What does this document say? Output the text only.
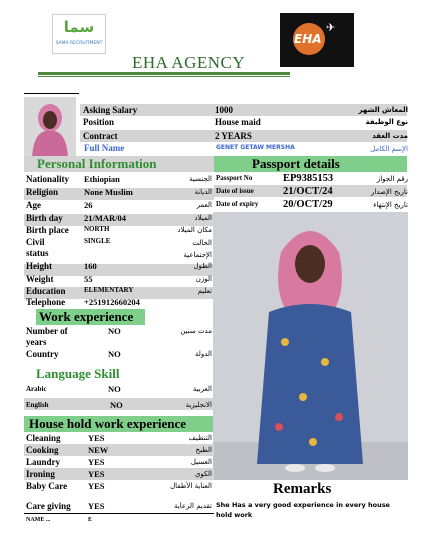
سما
SAMA RECRUITMENT
EHA AGENCY
EHA
✈
Asking Salary	1000	المعاش الشهر
Position	House maid	نوع الوظيفة
Contract	2 YEARS	مدت العقد
Full Name	GENET GETAW MERSHA	الإسم الكامل
Personal Information	Passport details
Nationality Ethiopian	الجنسية
Religion	None Muslim	الديانة
Age	26	العمر
Birth day 21/MAR/04	الميلاد
Birth place NORTH	مكان الميلاد
Civil status
SINGLE	الحالت الإجتماعية
Height	160	الطول
Weight	55	الوزن
Education	ELEMENTARY	تعليم
Telephone +251912660204
Passport No	EP9385153	رقم الجواز
Date of issue	21/OCT/24	تاريخ الإصدار
Date of expiry 20/OCT/29	تاريخ الإنتهاء
Work experience
Number of years
NO	مدت سنين
Country	NO	الدولة
Language Skill
Arabic	NO	العربية
English	NO	الانجليزية
House hold work experience
Cleaning	YES	التنظيف
Cooking	NEW	الطبخ
Laundry	YES	الغسيل
Ironing	YES	الكوي
Baby Care YES	العناية الأطفال
Care giving YES	تقديم الرعاية
Remarks
She Has a very good experience in every house hold work
NAME ...	E
